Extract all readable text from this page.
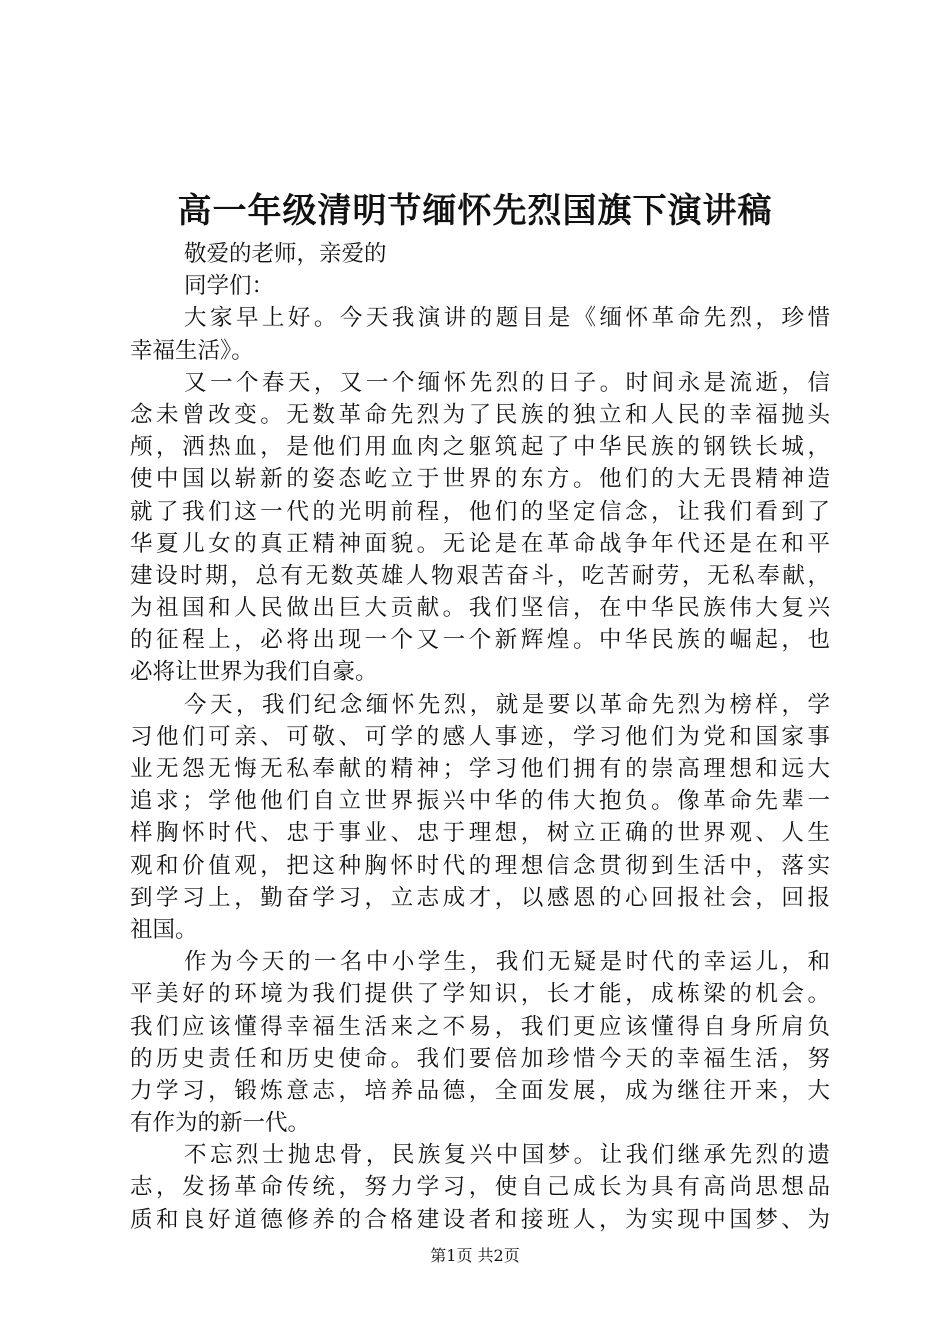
高一年级清明节缅怀先烈国旗下演讲稿
敬爱的老师，亲爱的
同学们：
大家早上好。今天我演讲的题目是《缅怀革命先烈，珍惜
幸福生活》。
又一个春天，又一个缅怀先烈的日子。时间永是流逝，信
念未曾改变。无数革命先烈为了民族的独立和人民的幸福抛头
颅，洒热血，是他们用血肉之躯筑起了中华民族的钢铁长城，
使中国以崭新的姿态屹立于世界的东方。他们的大无畏精神造
就了我们这一代的光明前程，他们的坚定信念，让我们看到了
华夏儿女的真正精神面貌。无论是在革命战争年代还是在和平
建设时期，总有无数英雄人物艰苦奋斗，吃苦耐劳，无私奉献，
为祖国和人民做出巨大贡献。我们坚信，在中华民族伟大复兴
的征程上，必将出现一个又一个新辉煌。中华民族的崛起，也
必将让世界为我们自豪。
今天，我们纪念缅怀先烈，就是要以革命先烈为榜样，学
习他们可亲、可敬、可学的感人事迹，学习他们为党和国家事
业无怨无悔无私奉献的精神；学习他们拥有的崇高理想和远大
追求；学他他们自立世界振兴中华的伟大抱负。像革命先辈一
样胸怀时代、忠于事业、忠于理想，树立正确的世界观、人生
观和价值观，把这种胸怀时代的理想信念贯彻到生活中，落实
到学习上，勤奋学习，立志成才，以感恩的心回报社会，回报
祖国。
作为今天的一名中小学生，我们无疑是时代的幸运儿，和
平美好的环境为我们提供了学知识，长才能，成栋梁的机会。
我们应该懂得幸福生活来之不易，我们更应该懂得自身所肩负
的历史责任和历史使命。我们要倍加珍惜今天的幸福生活，努
力学习，锻炼意志，培养品德，全面发展，成为继往开来，大
有作为的新一代。
不忘烈士抛忠骨，民族复兴中国梦。让我们继承先烈的遗
志，发扬革命传统，努力学习，使自己成长为具有高尚思想品
质和良好道德修养的合格建设者和接班人，为实现中国梦、为
第1页 共2页
